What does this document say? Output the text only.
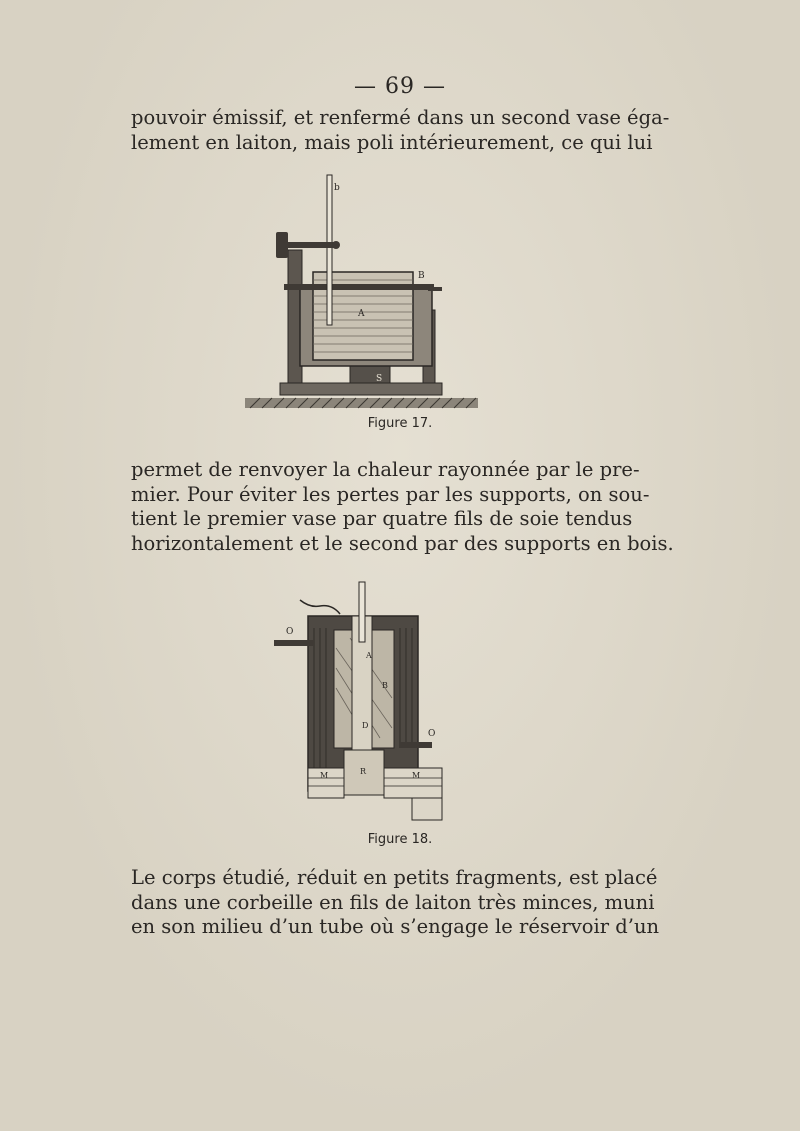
— 69 —
pouvoir émissif, et renfermé dans un second vase éga-
lement en laiton, mais poli intérieurement, ce qui lui
b
B
A
S
Figure 17.
permet de renvoyer la chaleur rayonnée par le pre-
mier. Pour éviter les pertes par les supports, on sou-
tient le premier vase par quatre fils de soie tendus
horizontalement et le second par des supports en bois.
O
O
A
B
D
M	M
R
Figure 18.
Le corps étudié, réduit en petits fragments, est placé
dans une corbeille en fils de laiton très minces, muni
en son milieu d’un tube où s’engage le réservoir d’un
